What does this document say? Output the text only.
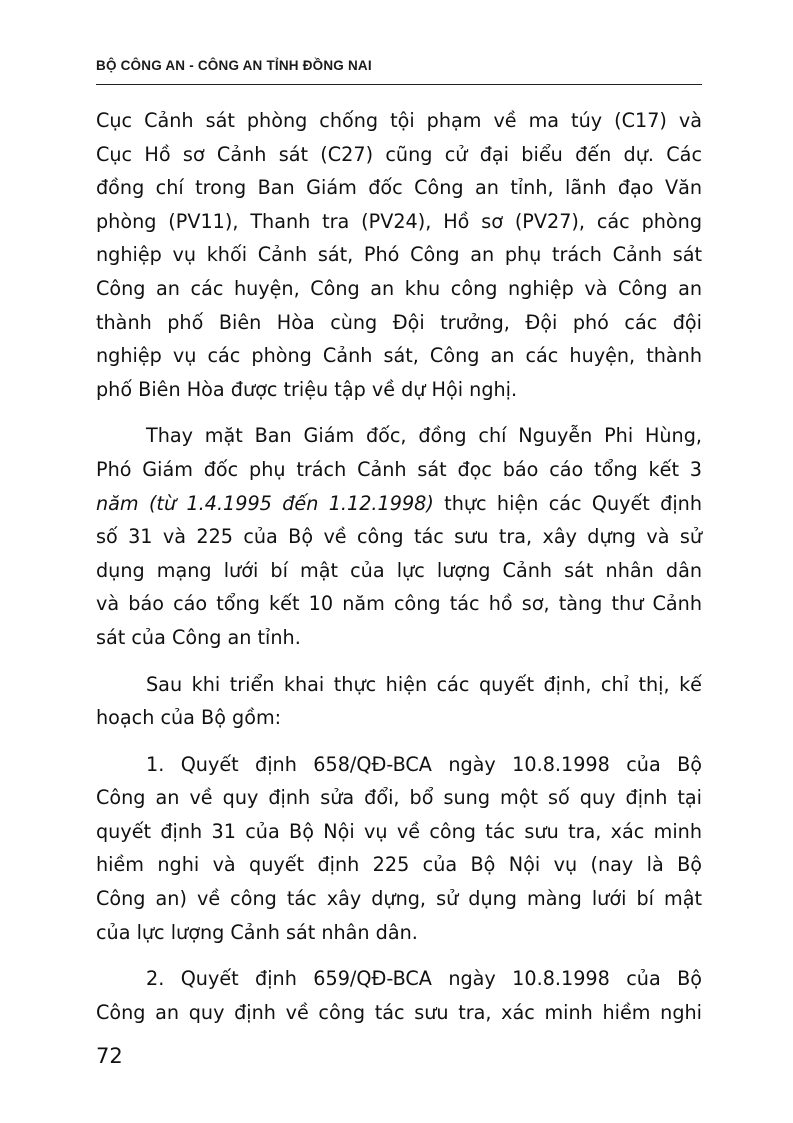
BỘ CÔNG AN - CÔNG AN TỈNH ĐỒNG NAI

Cục Cảnh sát phòng chống tội phạm về ma túy (C17) và
Cục Hồ sơ Cảnh sát (C27) cũng cử đại biểu đến dự. Các
đồng chí trong Ban Giám đốc Công an tỉnh, lãnh đạo Văn
phòng (PV11), Thanh tra (PV24), Hồ sơ (PV27), các phòng
nghiệp vụ khối Cảnh sát, Phó Công an phụ trách Cảnh sát
Công an các huyện, Công an khu công nghiệp và Công an
thành phố Biên Hòa cùng Đội trưởng, Đội phó các đội
nghiệp vụ các phòng Cảnh sát, Công an các huyện, thành
phố Biên Hòa được triệu tập về dự Hội nghị.

Thay mặt Ban Giám đốc, đồng chí Nguyễn Phi Hùng,
Phó Giám đốc phụ trách Cảnh sát đọc báo cáo tổng kết 3
năm (từ 1.4.1995 đến 1.12.1998) thực hiện các Quyết định
số 31 và 225 của Bộ về công tác sưu tra, xây dựng và sử
dụng mạng lưới bí mật của lực lượng Cảnh sát nhân dân
và báo cáo tổng kết 10 năm công tác hồ sơ, tàng thư Cảnh
sát của Công an tỉnh.

Sau khi triển khai thực hiện các quyết định, chỉ thị, kế
hoạch của Bộ gồm:

1. Quyết định 658/QĐ-BCA ngày 10.8.1998 của Bộ
Công an về quy định sửa đổi, bổ sung một số quy định tại
quyết định 31 của Bộ Nội vụ về công tác sưu tra, xác minh
hiềm nghi và quyết định 225 của Bộ Nội vụ (nay là Bộ
Công an) về công tác xây dựng, sử dụng màng lưới bí mật
của lực lượng Cảnh sát nhân dân.

2. Quyết định 659/QĐ-BCA ngày 10.8.1998 của Bộ
Công an quy định về công tác sưu tra, xác minh hiềm nghi

72
